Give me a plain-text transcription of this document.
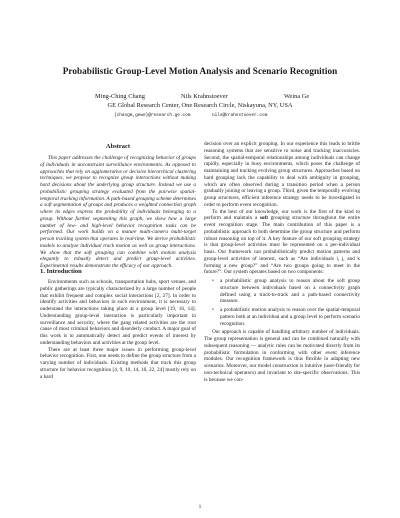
Probabilistic Group-Level Motion Analysis and Scenario Recognition
Ming-Ching Chang	Nils Krahnstoever	Weina Ge
GE Global Research Center, One Research Circle, Niskayuna, NY, USA
{changm,gewe}@research.ge.com	nils@krahnstoever.com
Abstract

This paper addresses the challenge of recognizing behavior of groups of individuals in unconstraint surveillance environments. As opposed to approaches that rely on agglomerative or decisive hierarchical clustering techniques, we propose to recognize group interactions without making hard decisions about the underlying group structure. Instead we use a probabilistic grouping strategy evaluated from the pairwise spatial-temporal tracking information. A path-based grouping scheme determines a soft segmentation of groups and produces a weighted connection graph where its edges express the probability of individuals belonging to a group. Without further segmenting this graph, we show how a large number of low- and high-level behavior recognition tasks can be performed. Our work builds on a mature multi-camera multi-target person tracking system that operates in real-time. We derive probabilistic models to analyze individual track motion as well as group interactions. We show that the soft grouping can combine with motion analysis elegantly to robustly detect and predict group-level activities. Experimental results demonstrate the efficacy of our approach.

1. Introduction

Environments such as schools, transportation hubs, sport venues, and public gatherings are typically characterized by a large number of people that exhibit frequent and complex social interactions [2, 27]. In order to identify activities and behaviors in such environment, it is necessary to understand the interactions taking place at a group level [19, 16, 14]. Understanding group-level interaction is particularly important in surveillance and security, where the gang related activities are the root cause of most criminal behaviors and disorderly conduct. A major goal of this work is to automatically detect and predict events of interest by understanding behaviors and activities at the group level.

There are at least three major issues in performing group-level behavior recognition. First, one needs to define the group structure from a varying number of individuals. Existing methods that track this group structure for behavior recognition [4, 9, 10, 14, 16, 22, 24] mostly rely on a hard

decision over an explicit grouping. In our experience this leads to brittle reasoning systems that are sensitive to noise and tracking inaccuracies. Second, the spatial-temporal relationships among individuals can change rapidly, especially in busy environments, which poses the challenge of maintaining and tracking evolving group structures. Approaches based on hard grouping lack the capability to deal with ambiguity in grouping, which are often observed during a transition period when a person gradually joining or leaving a group. Third, given the temporally evolving group structures, efficient inference strategy needs to be investigated in order to perform event recognition.

To the best of our knowledge, our work is the first of the kind to perform and maintain a soft grouping structure throughout the entire event recognition stage. The main contribution of this paper is a probabilistic approach to both determine the group structure and perform robust reasoning on top of it. A key feature of our soft grouping strategy is that group-level activities must be represented on a per-individual basis. Our framework can probabilistically predict motion patterns and group-level activities of interest, such as “Are individuals i, j, and k forming a new group?” and “Are two groups going to meet in the future?”. Our system operates based on two components:

• a probabilistic group analysis to reason about the soft group structure between individuals based on a connectivity graph defined using a track-to-track and a path-based connectivity measure.
• a probabilistic motion analysis to reason over the spatial-temporal pattern both at an individual and a group level to perform scenario recognition.

Our approach is capable of handling arbitrary number of individuals. The group representation is general and can be combined naturally with subsequent reasoning — analytic rules can be motivated directly from its probabilistic formulation in conforming with other event inference modules. Our recognition framework is thus flexible in adapting new scenarios. Moreover, our model construction is intuitive (user-friendly for non-technical operators) and invariant to site-specific observations. This is because we con-

1
